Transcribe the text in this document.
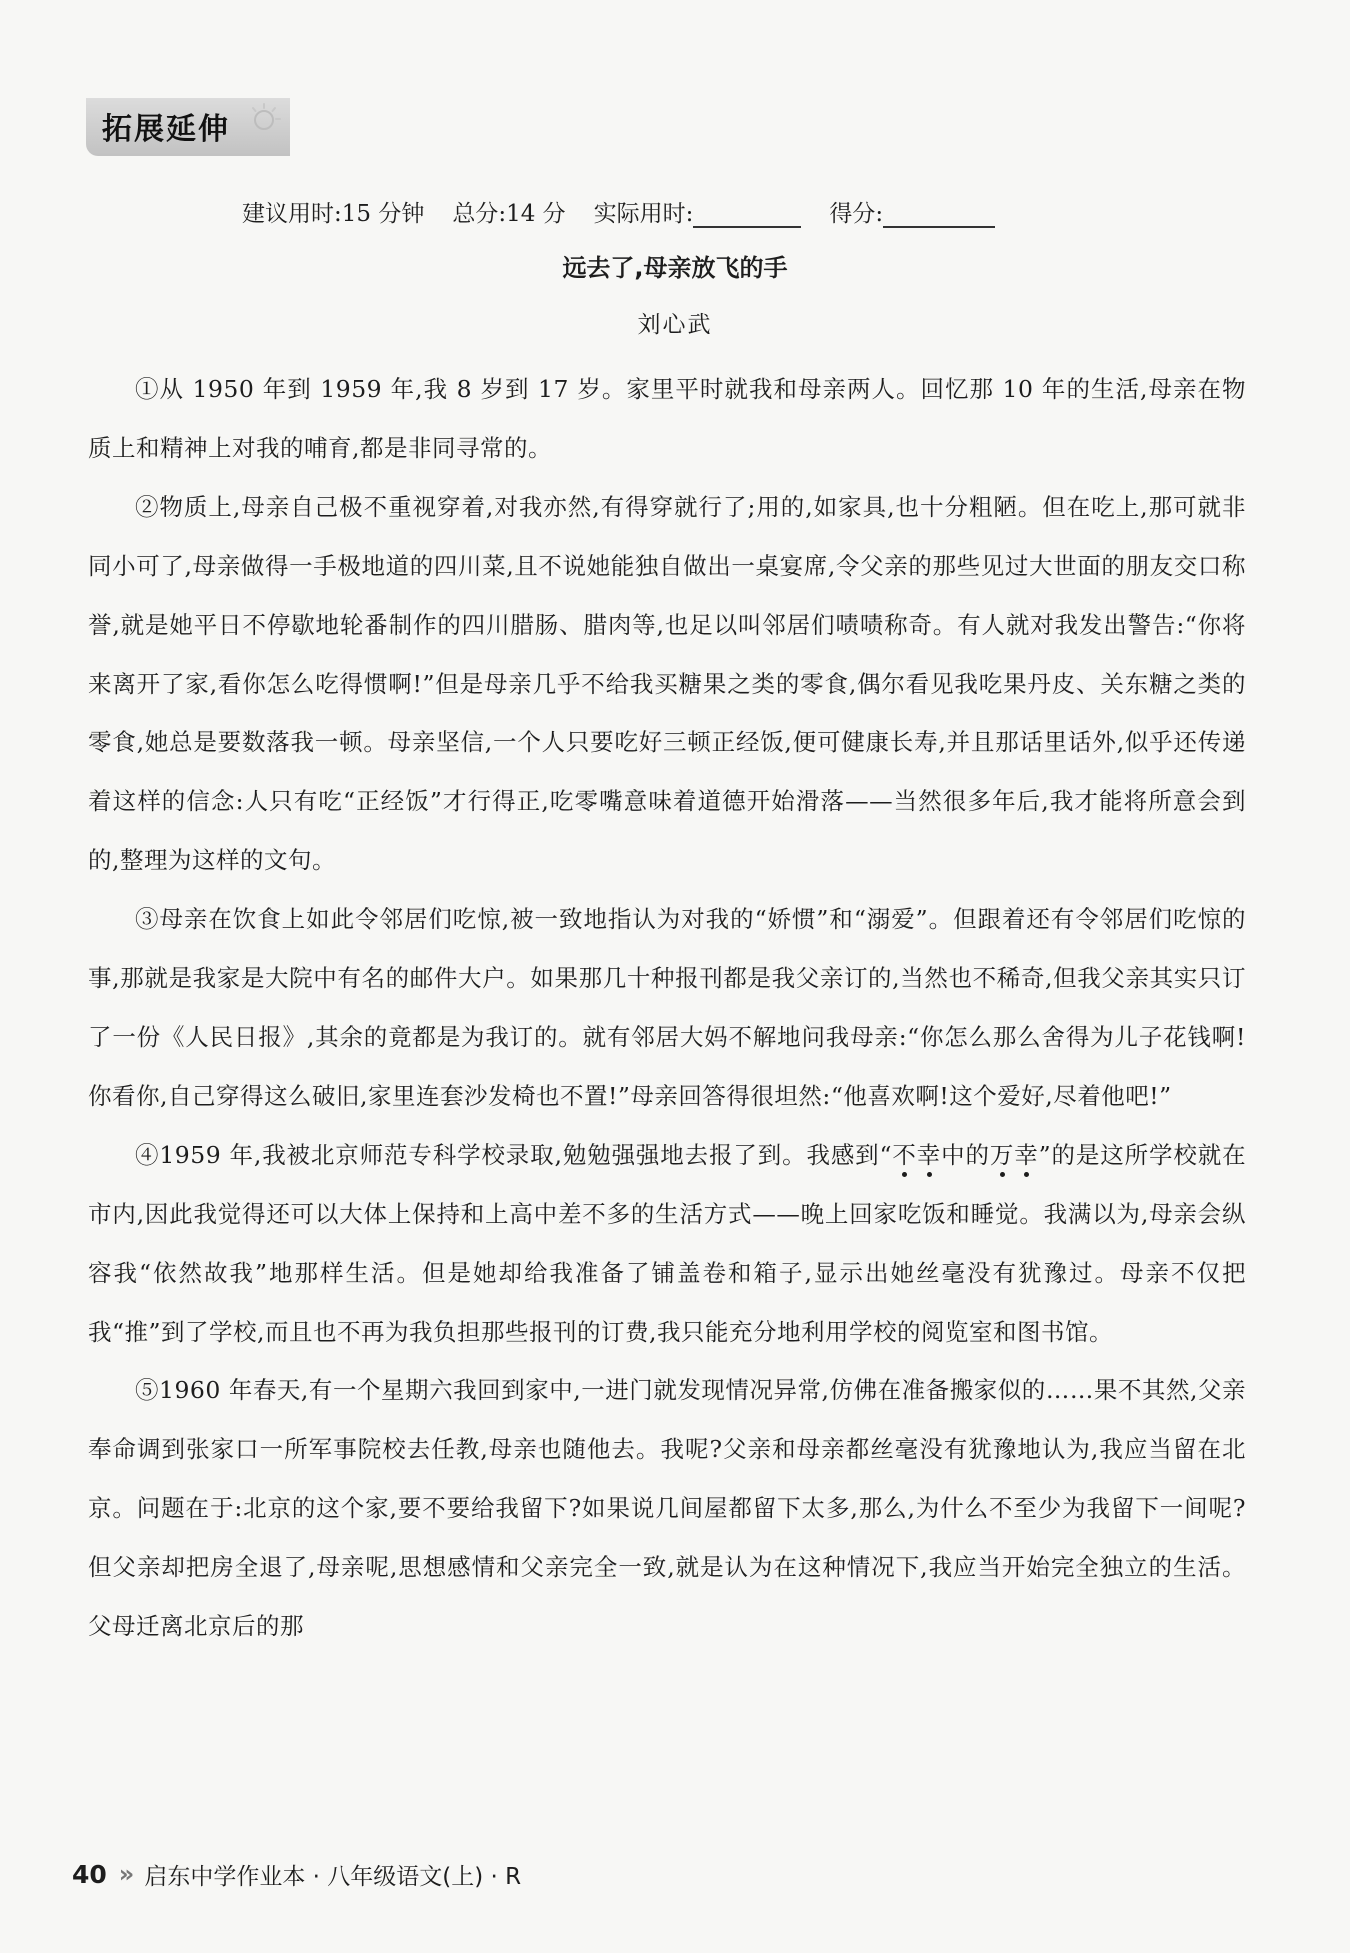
拓展延伸
建议用时:15 分钟 总分:14 分 实际用时:	得分:
远去了,母亲放飞的手
刘心武

①从 1950 年到 1959 年,我 8 岁到 17 岁。家里平时就我和母亲两人。回忆那 10 年的生活,母亲在物质上和精神上对我的哺育,都是非同寻常的。

②物质上,母亲自己极不重视穿着,对我亦然,有得穿就行了;用的,如家具,也十分粗陋。但在吃上,那可就非同小可了,母亲做得一手极地道的四川菜,且不说她能独自做出一桌宴席,令父亲的那些见过大世面的朋友交口称誉,就是她平日不停歇地轮番制作的四川腊肠、腊肉等,也足以叫邻居们啧啧称奇。有人就对我发出警告:“你将来离开了家,看你怎么吃得惯啊!”但是母亲几乎不给我买糖果之类的零食,偶尔看见我吃果丹皮、关东糖之类的零食,她总是要数落我一顿。母亲坚信,一个人只要吃好三顿正经饭,便可健康长寿,并且那话里话外,似乎还传递着这样的信念:人只有吃“正经饭”才行得正,吃零嘴意味着道德开始滑落——当然很多年后,我才能将所意会到的,整理为这样的文句。

③母亲在饮食上如此令邻居们吃惊,被一致地指认为对我的“娇惯”和“溺爱”。但跟着还有令邻居们吃惊的事,那就是我家是大院中有名的邮件大户。如果那几十种报刊都是我父亲订的,当然也不稀奇,但我父亲其实只订了一份《人民日报》,其余的竟都是为我订的。就有邻居大妈不解地问我母亲:“你怎么那么舍得为儿子花钱啊!你看你,自己穿得这么破旧,家里连套沙发椅也不置!”母亲回答得很坦然:“他喜欢啊!这个爱好,尽着他吧!”

④1959 年,我被北京师范专科学校录取,勉勉强强地去报了到。我感到“不幸中的万幸”的是这所学校就在市内,因此我觉得还可以大体上保持和上高中差不多的生活方式——晚上回家吃饭和睡觉。我满以为,母亲会纵容我“依然故我”地那样生活。但是她却给我准备了铺盖卷和箱子,显示出她丝毫没有犹豫过。母亲不仅把我“推”到了学校,而且也不再为我负担那些报刊的订费,我只能充分地利用学校的阅览室和图书馆。

⑤1960 年春天,有一个星期六我回到家中,一进门就发现情况异常,仿佛在准备搬家似的……果不其然,父亲奉命调到张家口一所军事院校去任教,母亲也随他去。我呢?父亲和母亲都丝毫没有犹豫地认为,我应当留在北京。问题在于:北京的这个家,要不要给我留下?如果说几间屋都留下太多,那么,为什么不至少为我留下一间呢?但父亲却把房全退了,母亲呢,思想感情和父亲完全一致,就是认为在这种情况下,我应当开始完全独立的生活。父母迁离北京后的那

40 » 启东中学作业本 · 八年级语文(上) · R
